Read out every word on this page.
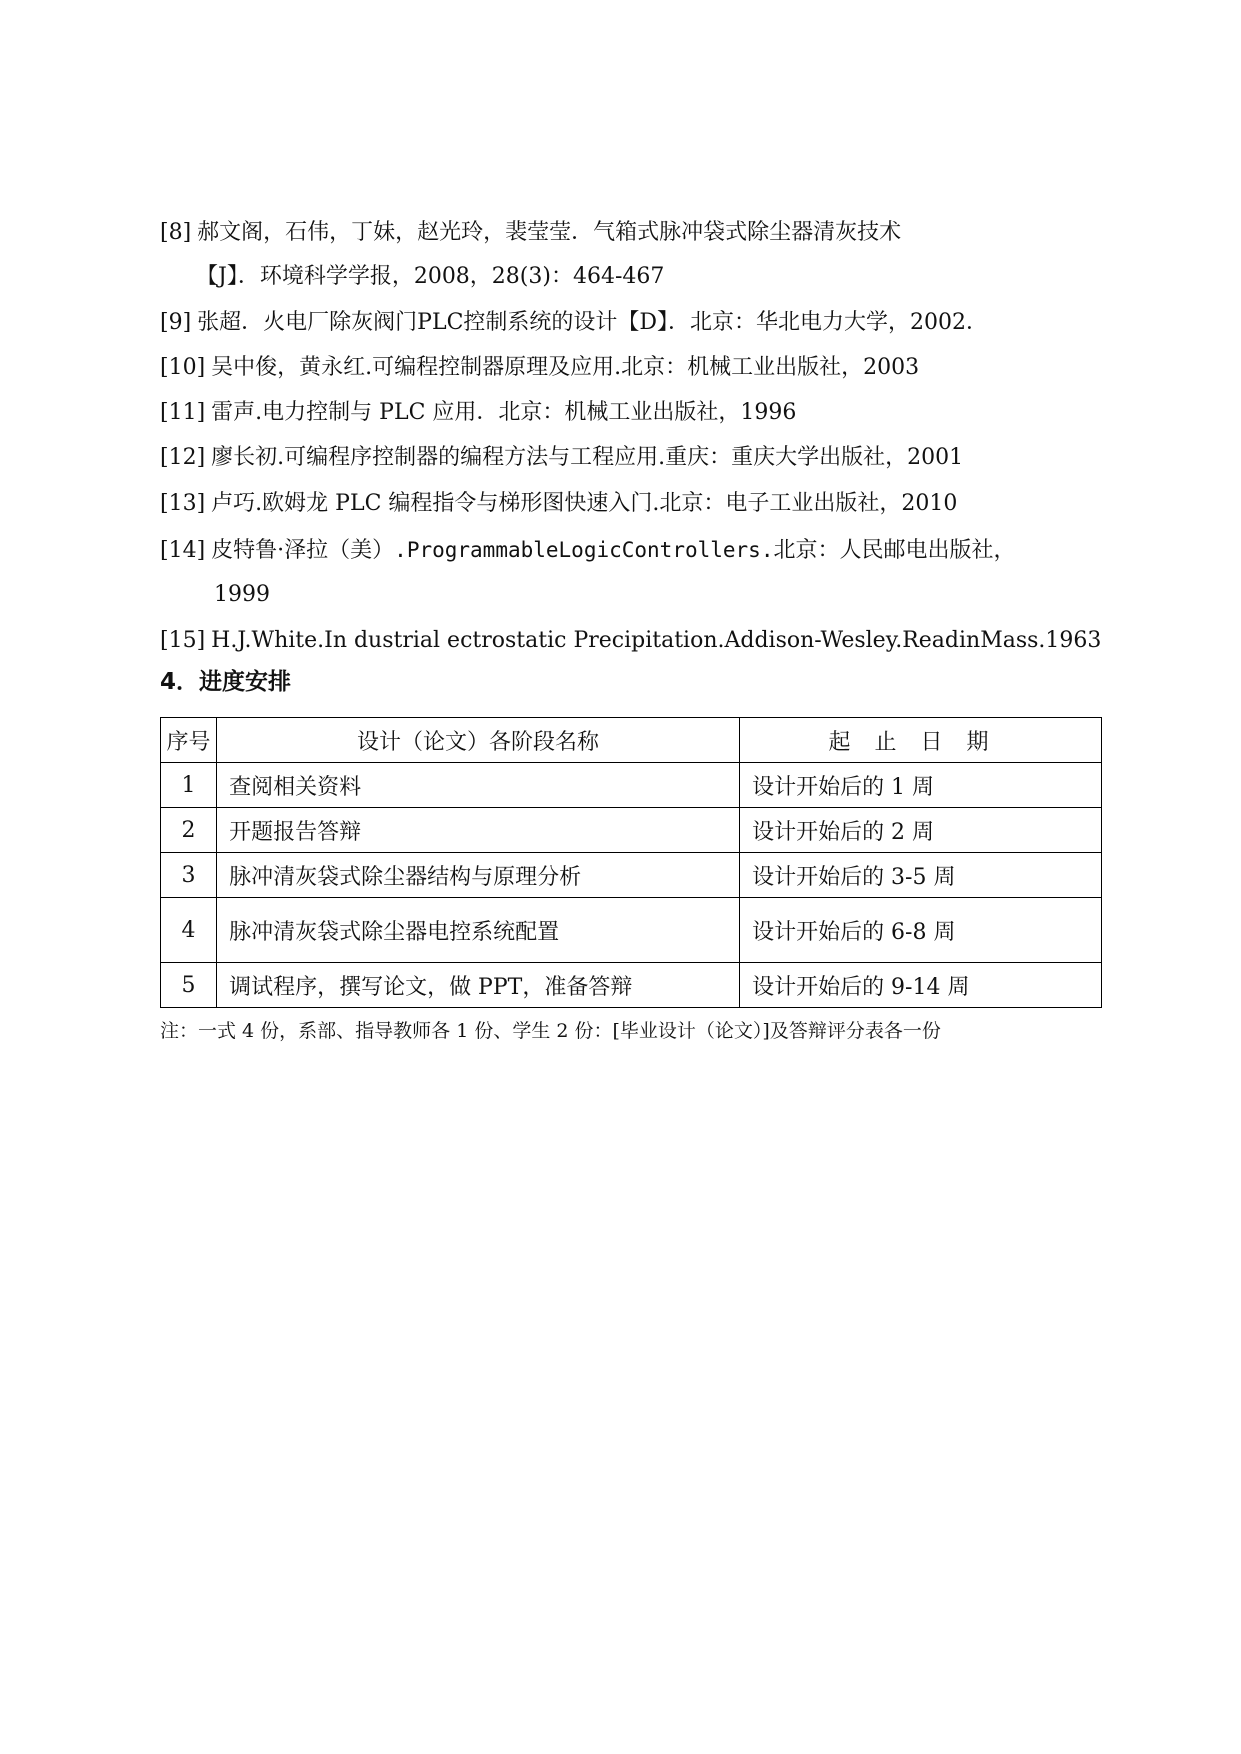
[8] 郝文阁，石伟，丁妹，赵光玲，裴莹莹．气箱式脉冲袋式除尘器清灰技术
【J】．环境科学学报，2008，28(3)：464-467
[9] 张超．火电厂除灰阀门PLC控制系统的设计【D】．北京：华北电力大学，2002．
[10] 吴中俊，黄永红.可编程控制器原理及应用.北京：机械工业出版社，2003
[11] 雷声.电力控制与 PLC 应用．北京：机械工业出版社，1996
[12] 廖长初.可编程序控制器的编程方法与工程应用.重庆：重庆大学出版社，2001
[13] 卢巧.欧姆龙 PLC 编程指令与梯形图快速入门.北京：电子工业出版社，2010
[14] 皮特鲁·泽拉（美）.ProgrammableLogicControllers.北京：人民邮电出版社，
1999
[15] H.J.White.In dustrial ectrostatic Precipitation.Addison-Wesley.ReadinMass.1963
4．进度安排
序号	设计（论文）各阶段名称	起止日期
1	查阅相关资料	设计开始后的 1 周
2	开题报告答辩	设计开始后的 2 周
3	脉冲清灰袋式除尘器结构与原理分析	设计开始后的 3-5 周
4	脉冲清灰袋式除尘器电控系统配置	设计开始后的 6-8 周
5	调试程序，撰写论文，做 PPT，准备答辩	设计开始后的 9-14 周
注：一式 4 份，系部、指导教师各 1 份、学生 2 份：[毕业设计（论文）]及答辩评分表各一份
